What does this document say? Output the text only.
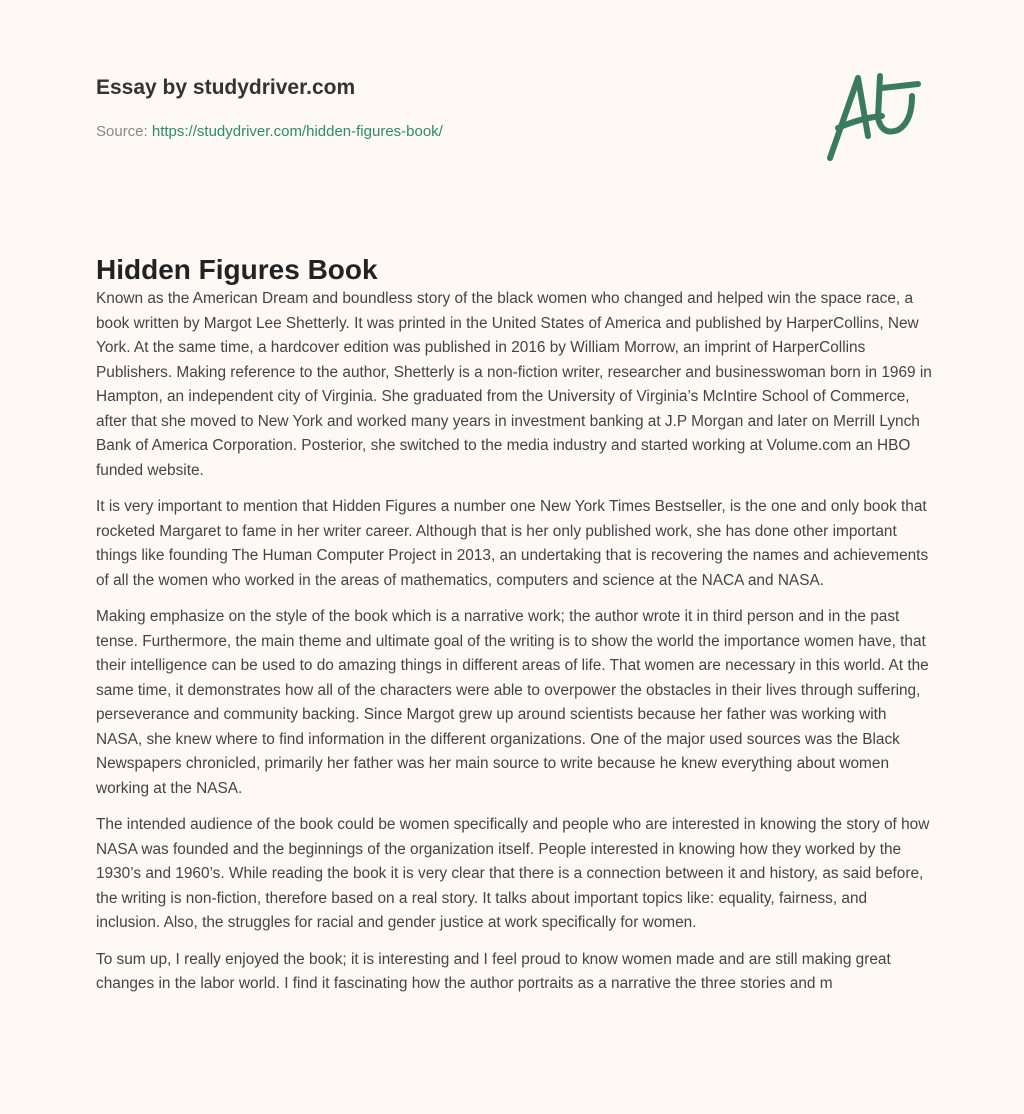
Essay by studydriver.com
Source: https://studydriver.com/hidden-figures-book/
Hidden Figures Book

Known as the American Dream and boundless story of the black women who changed and helped win the space race, a book written by Margot Lee Shetterly. It was printed in the United States of America and published by HarperCollins, New York. At the same time, a hardcover edition was published in 2016 by William Morrow, an imprint of HarperCollins Publishers. Making reference to the author, Shetterly is a non-fiction writer, researcher and businesswoman born in 1969 in Hampton, an independent city of Virginia. She graduated from the University of Virginia’s McIntire School of Commerce, after that she moved to New York and worked many years in investment banking at J.P Morgan and later on Merrill Lynch Bank of America Corporation. Posterior, she switched to the media industry and started working at Volume.com an HBO funded website.

It is very important to mention that Hidden Figures a number one New York Times Bestseller, is the one and only book that rocketed Margaret to fame in her writer career. Although that is her only published work, she has done other important things like founding The Human Computer Project in 2013, an undertaking that is recovering the names and achievements of all the women who worked in the areas of mathematics, computers and science at the NACA and NASA.

Making emphasize on the style of the book which is a narrative work; the author wrote it in third person and in the past tense. Furthermore, the main theme and ultimate goal of the writing is to show the world the importance women have, that their intelligence can be used to do amazing things in different areas of life. That women are necessary in this world. At the same time, it demonstrates how all of the characters were able to overpower the obstacles in their lives through suffering, perseverance and community backing. Since Margot grew up around scientists because her father was working with NASA, she knew where to find information in the different organizations. One of the major used sources was the Black Newspapers chronicled, primarily her father was her main source to write because he knew everything about women working at the NASA.

The intended audience of the book could be women specifically and people who are interested in knowing the story of how NASA was founded and the beginnings of the organization itself. People interested in knowing how they worked by the 1930’s and 1960’s. While reading the book it is very clear that there is a connection between it and history, as said before, the writing is non-fiction, therefore based on a real story. It talks about important topics like: equality, fairness, and inclusion. Also, the struggles for racial and gender justice at work specifically for women.

To sum up, I really enjoyed the book; it is interesting and I feel proud to know women made and are still making great changes in the labor world. I find it fascinating how the author portraits as a narrative the three stories and m
